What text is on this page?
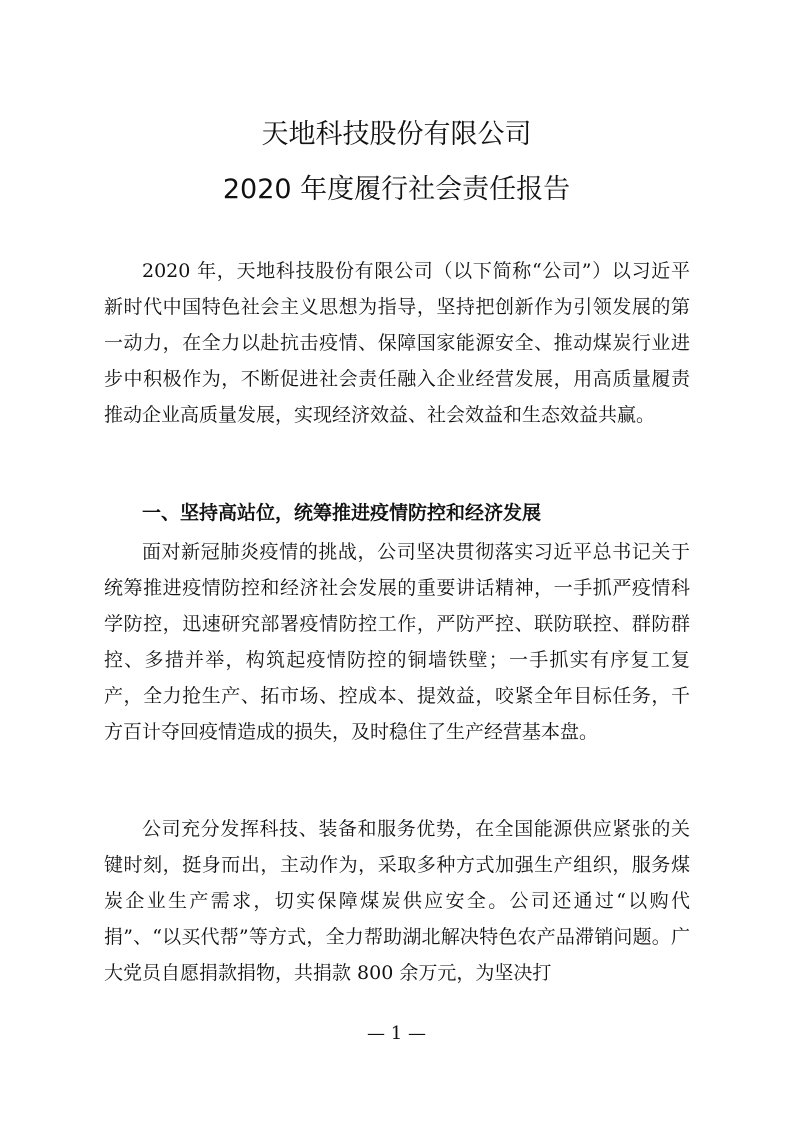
天地科技股份有限公司
2020 年度履行社会责任报告

2020 年，天地科技股份有限公司（以下简称“公司”）以习近平新时代中国特色社会主义思想为指导，坚持把创新作为引领发展的第一动力，在全力以赴抗击疫情、保障国家能源安全、推动煤炭行业进步中积极作为，不断促进社会责任融入企业经营发展，用高质量履责推动企业高质量发展，实现经济效益、社会效益和生态效益共赢。

一、坚持高站位，统筹推进疫情防控和经济发展

面对新冠肺炎疫情的挑战，公司坚决贯彻落实习近平总书记关于统筹推进疫情防控和经济社会发展的重要讲话精神，一手抓严疫情科学防控，迅速研究部署疫情防控工作，严防严控、联防联控、群防群控、多措并举，构筑起疫情防控的铜墙铁壁；一手抓实有序复工复产，全力抢生产、拓市场、控成本、提效益，咬紧全年目标任务，千方百计夺回疫情造成的损失，及时稳住了生产经营基本盘。

公司充分发挥科技、装备和服务优势，在全国能源供应紧张的关键时刻，挺身而出，主动作为，采取多种方式加强生产组织，服务煤炭企业生产需求，切实保障煤炭供应安全。公司还通过“以购代捐”、“以买代帮”等方式，全力帮助湖北解决特色农产品滞销问题。广大党员自愿捐款捐物，共捐款 800 余万元，为坚决打

— 1 —
